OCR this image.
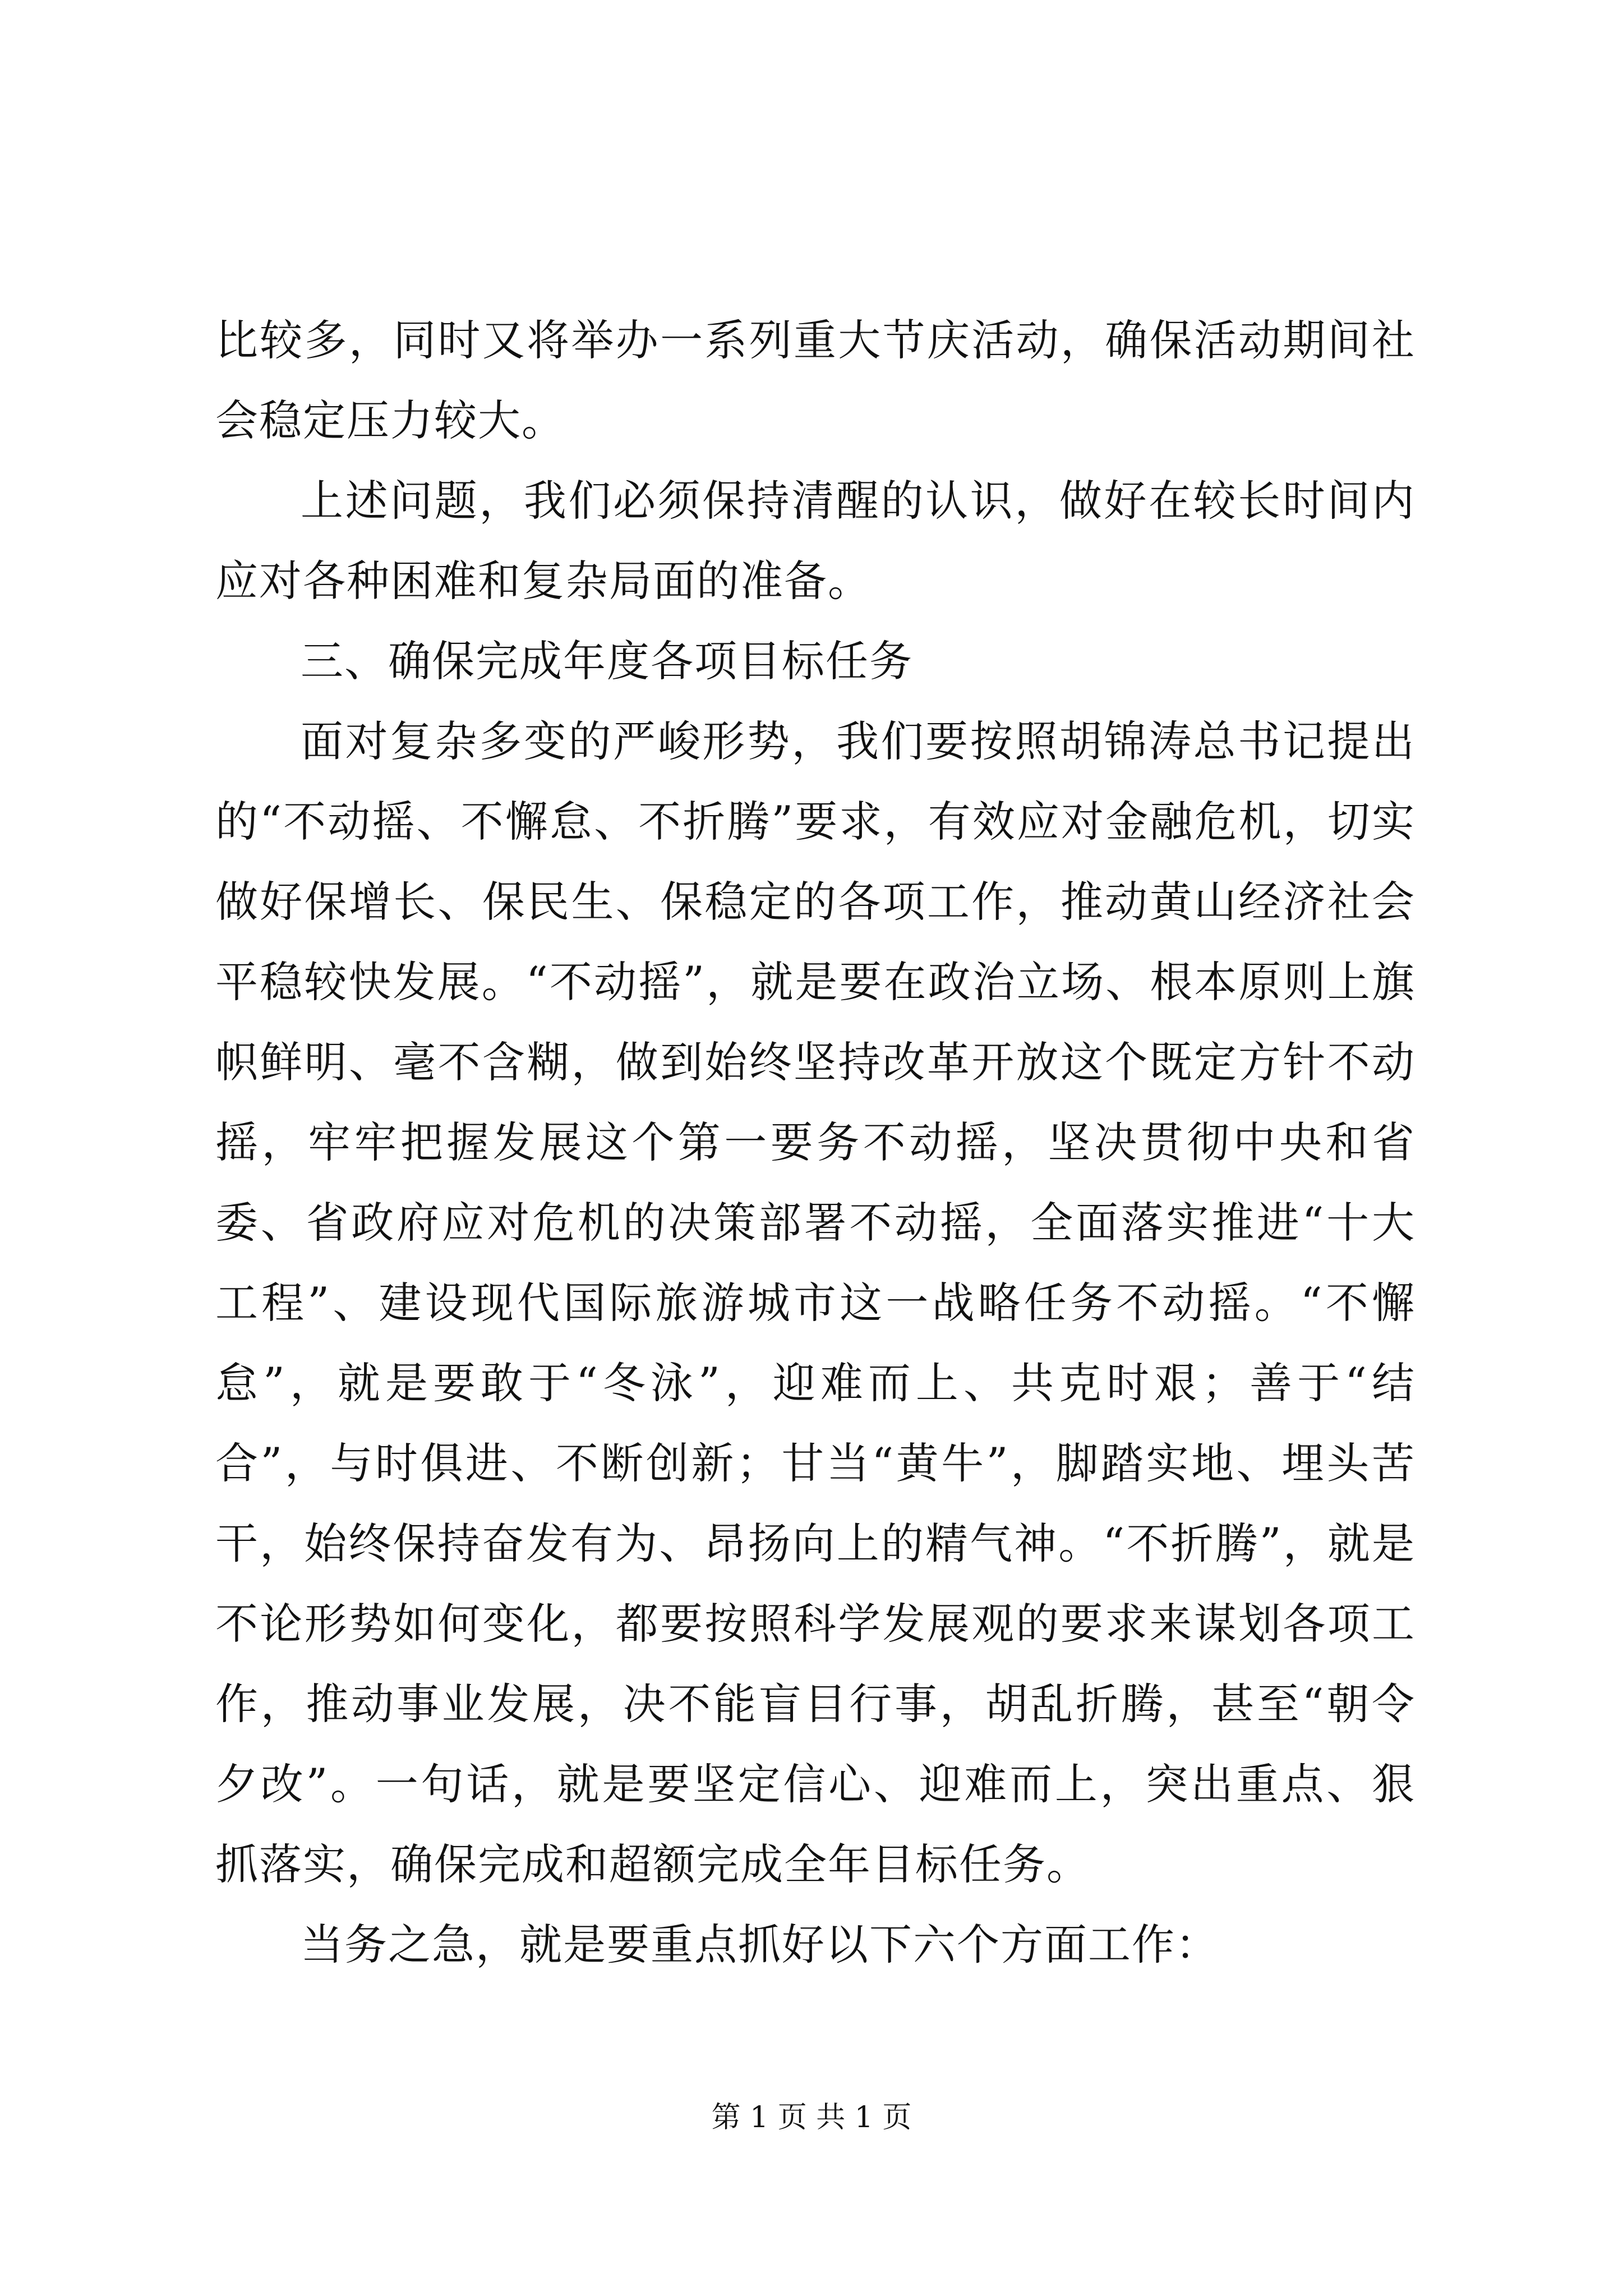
比较多，同时又将举办一系列重大节庆活动，确保活动期间社会稳定压力较大。

上述问题，我们必须保持清醒的认识，做好在较长时间内应对各种困难和复杂局面的准备。

三、确保完成年度各项目标任务

面对复杂多变的严峻形势，我们要按照胡锦涛总书记提出的“不动摇、不懈怠、不折腾”要求，有效应对金融危机，切实做好保增长、保民生、保稳定的各项工作，推动黄山经济社会平稳较快发展。“不动摇”，就是要在政治立场、根本原则上旗帜鲜明、毫不含糊，做到始终坚持改革开放这个既定方针不动摇，牢牢把握发展这个第一要务不动摇，坚决贯彻中央和省委、省政府应对危机的决策部署不动摇，全面落实推进“十大工程”、建设现代国际旅游城市这一战略任务不动摇。“不懈怠”，就是要敢于“冬泳”，迎难而上、共克时艰；善于“结合”，与时俱进、不断创新；甘当“黄牛”，脚踏实地、埋头苦干，始终保持奋发有为、昂扬向上的精气神。“不折腾”，就是不论形势如何变化，都要按照科学发展观的要求来谋划各项工作，推动事业发展，决不能盲目行事，胡乱折腾，甚至“朝令夕改”。一句话，就是要坚定信心、迎难而上，突出重点、狠抓落实，确保完成和超额完成全年目标任务。

当务之急，就是要重点抓好以下六个方面工作：

第 1 页 共 1 页
